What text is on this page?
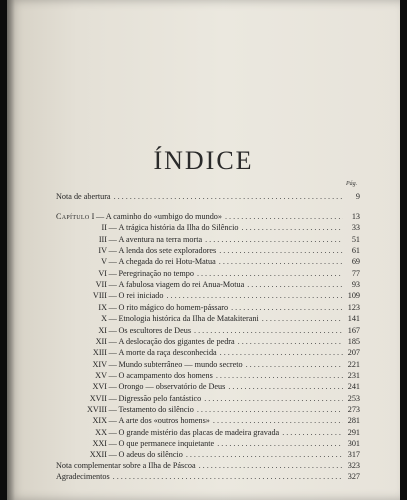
ÍNDICE
Pág.
Nota de abertura .....	9
Capítulo
I  —  A caminho do «umbigo do mundo» .....	13
II  —  A trágica história da Ilha do Silêncio .....	33
III  —  A aventura na terra morta .....	51
IV  —  A lenda dos sete exploradores .....	61
V  —  A chegada do rei Hotu-Matua .....	69
VI  —  Peregrinação no tempo .....	77
VII  —  A fabulosa viagem do rei Anua-Motua .....	93
VIII  —  O rei iniciado .....	109
IX  —  O rito mágico do homem-pássaro .....	123
X  —  Etnologia histórica da Ilha de Matakiterani .....	141
XI  —  Os escultores de Deus .....	167
XII  —  A deslocação dos gigantes de pedra .....	185
XIII  —  A morte da raça desconhecida .....	207
XIV  —  Mundo subterrâneo — mundo secreto .....	221
XV  —  O acampamento dos homens .....	231
XVI  —  Orongo — observatório de Deus .....	241
XVII  —  Digressão pelo fantástico .....	253
XVIII  —  Testamento do silêncio .....	273
XIX  —  A arte dos «outros homens» .....	281
XX  —  O grande mistério das placas de madeira gravada .....	291
XXI  —  O que permanece inquietante .....	301
XXII  —  O adeus do silêncio .....	317
Nota complementar sobre a Ilha de Páscoa .....	323
Agradecimentos .....	327
